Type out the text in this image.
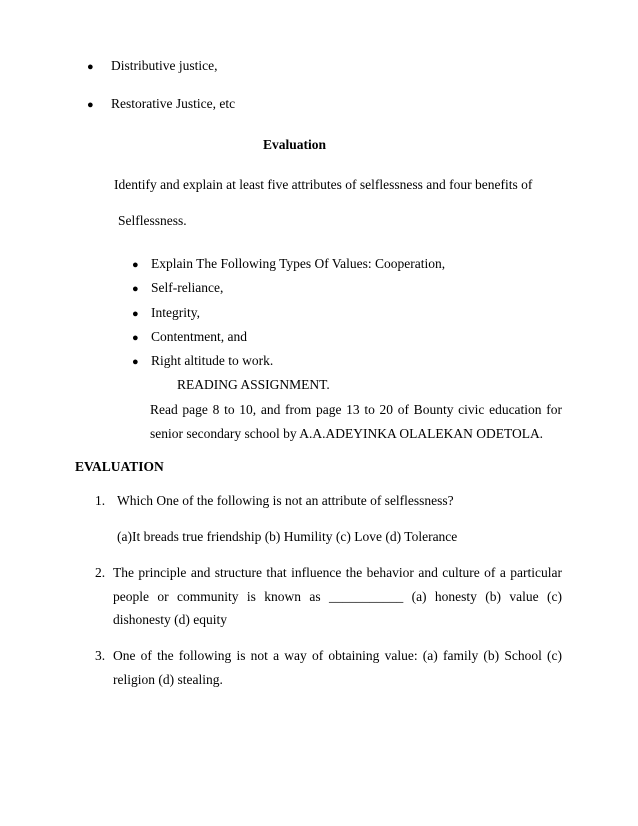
● Distributive justice,
● Restorative Justice, etc
Evaluation
Identify and explain at least five attributes of selflessness and four benefits of
Selflessness.
● Explain The Following Types Of Values: Cooperation,
● Self-reliance,
● Integrity,
● Contentment, and
● Right altitude to work.
READING ASSIGNMENT.
Read page 8 to 10, and from page 13 to 20 of Bounty civic education for
senior secondary school by A.A.ADEYINKA OLALEKAN ODETOLA.
EVALUATION
1. Which One of the following is not an attribute of selflessness?
(a)It breads true friendship (b) Humility (c) Love (d) Tolerance
2. The principle and structure that influence the behavior and culture of a particular
people or community is known as ___________ (a) honesty (b) value (c)
dishonesty (d) equity
3. One of the following is not a way of obtaining value: (a) family (b) School (c)
religion (d) stealing.
